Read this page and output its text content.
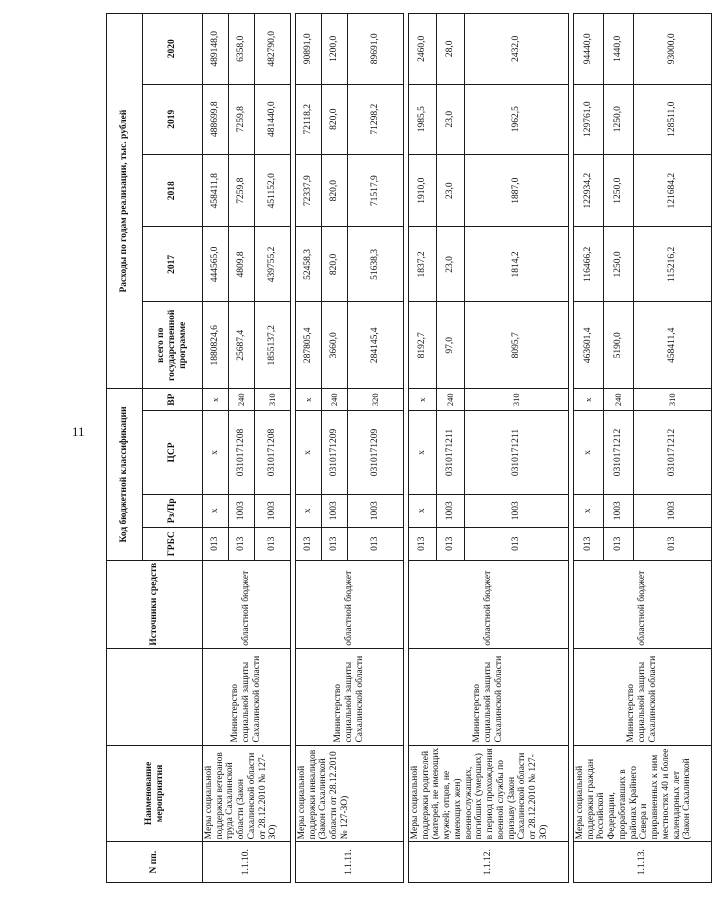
11
N пп.	Наименование мероприятия		Источники средств	Код бюджетной классификации				Расходы по годам реализации, тыс. рублей				
				ГРБС	Рз/Пр	ЦСР	ВР	всего по государственной программе	2017	2018	2019	2020
1.1.10.	Меры социальной поддержки ветеранов труда Сахалинской области (Закон Сахалинской области от 28.12.2010 № 127-ЗО)	Министерство социальной защиты Сахалинской области	областной бюджет	013	х	х	х	1880824,6	444565,0	458411,8	488699,8	489148,0
				013	1003	0310171208	240	25687,4	4809,8	7259,8	7259,8	6358,0
				013	1003	0310171208	310	1855137,2	439755,2	451152,0	481440,0	482790,0

1.1.11.	Меры социальной поддержки инвалидов (Закон Сахалинской области от 28.12.2010 № 127-ЗО)	Министерство социальной защиты Сахалинской области	областной бюджет	013	х	х	х	287805,4	52458,3	72337,9	72118,2	90891,0
				013	1003	0310171209	240	3660,0	820,0	820,0	820,0	1200,0
				013	1003	0310171209	320	284145,4	51638,3	71517,9	71298,2	89691,0

1.1.12.	Меры социальной поддержки родителей (матерей, не имеющих мужей; отцов, не имеющих жен) военнослужащих, погибших (умерших) в период прохождения военной службы по призыву (Закон Сахалинской области от 28.12.2010 № 127-ЗО)	Министерство социальной защиты Сахалинской области	областной бюджет	013	х	х	х	8192,7	1837,2	1910,0	1985,5	2460,0
				013	1003	0310171211	240	97,0	23,0	23,0	23,0	28,0
				013	1003	0310171211	310	8095,7	1814,2	1887,0	1962,5	2432,0

1.1.13.	Меры социальной поддержки граждан Российской Федерации, проработавших в районах Крайнего Севера и приравненных к ним местностях 40 и более календарных лет (Закон Сахалинской	Министерство социальной защиты Сахалинской области	областной бюджет	013	х	х	х	463601,4	116466,2	122934,2	129761,0	94440,0
				013	1003	0310171212	240	5190,0	1250,0	1250,0	1250,0	1440,0
				013	1003	0310171212	310	458411,4	115216,2	121684,2	128511,0	93000,0
